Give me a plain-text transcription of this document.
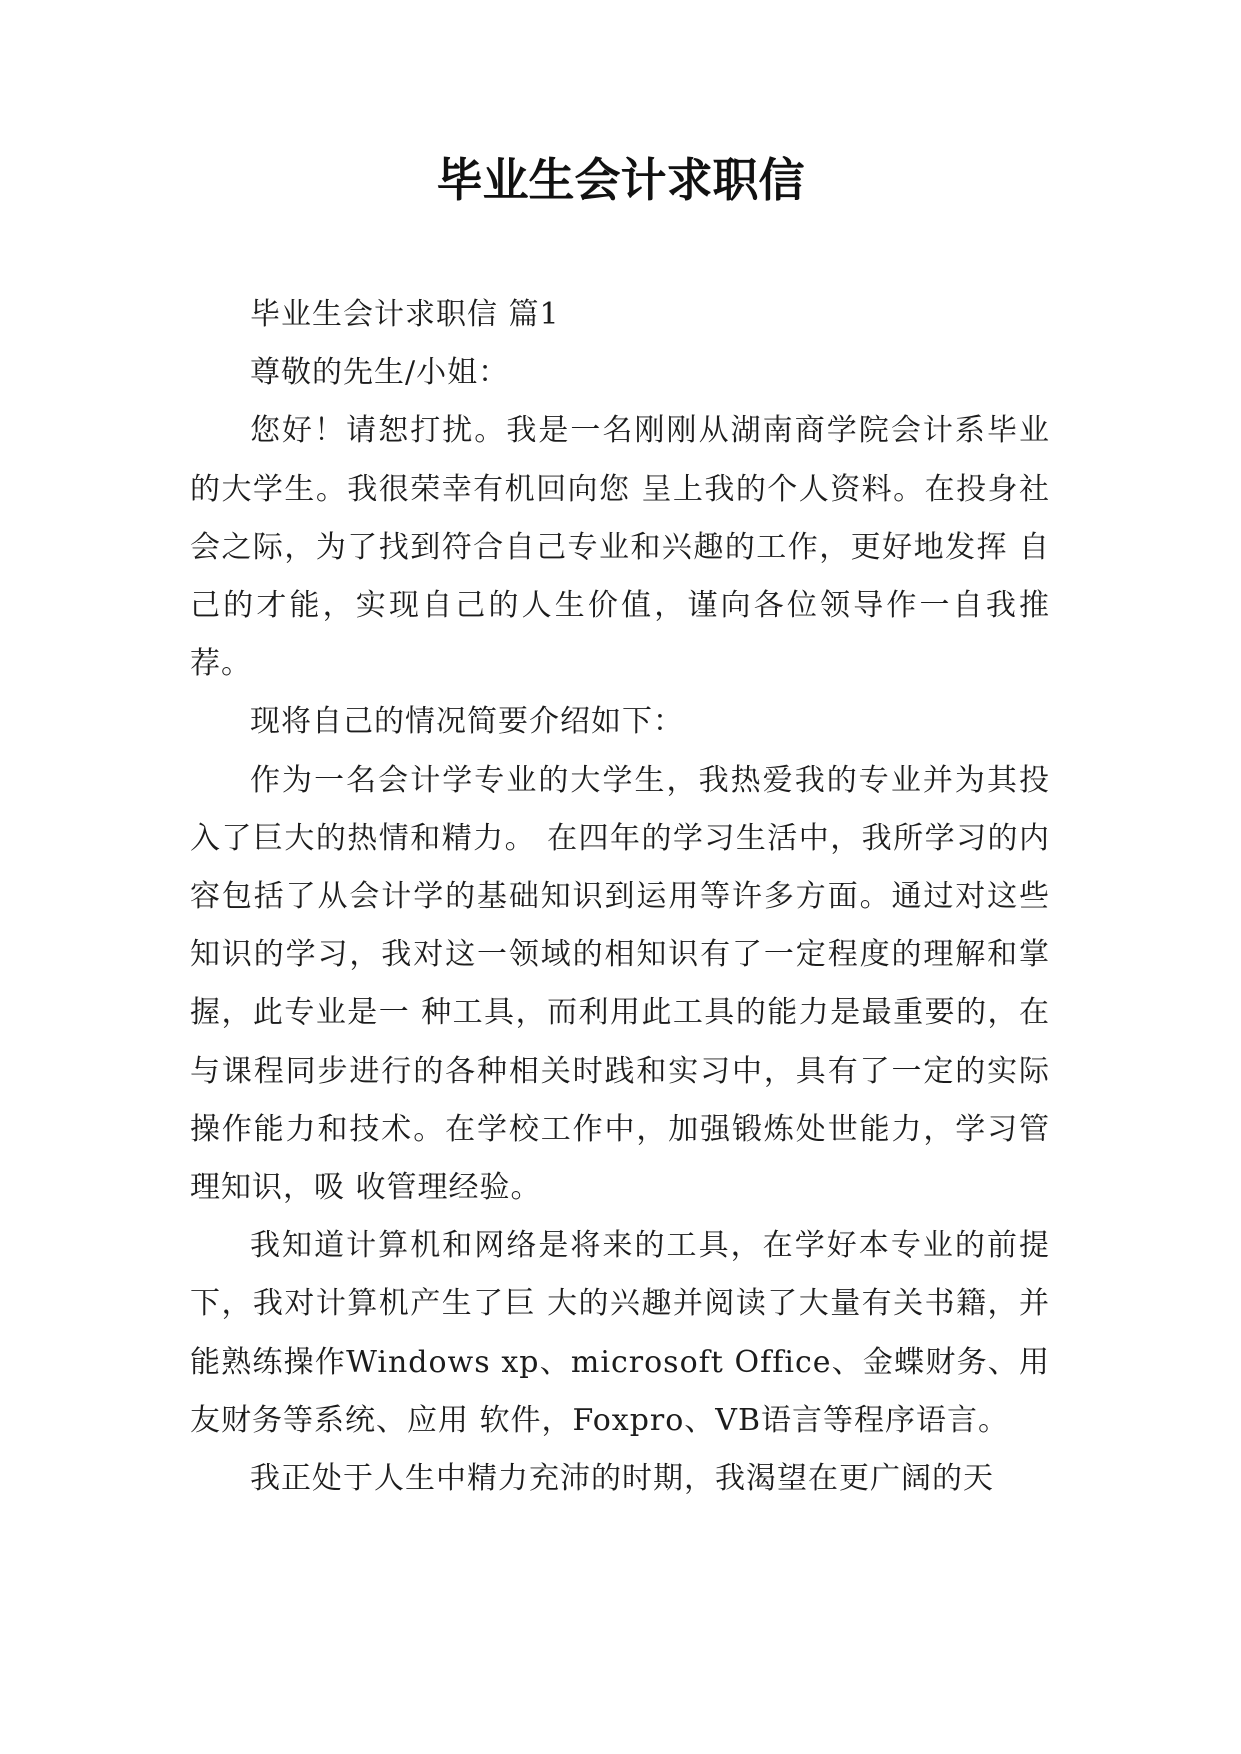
毕业生会计求职信

毕业生会计求职信 篇1

尊敬的先生/小姐：

您好！请恕打扰。我是一名刚刚从湖南商学院会计系毕业的大学生。我很荣幸有机回向您 呈上我的个人资料。在投身社会之际，为了找到符合自己专业和兴趣的工作，更好地发挥 自己的才能，实现自己的人生价值，谨向各位领导作一自我推荐。

现将自己的情况简要介绍如下：

作为一名会计学专业的大学生，我热爱我的专业并为其投入了巨大的热情和精力。 在四年的学习生活中，我所学习的内容包括了从会计学的基础知识到运用等许多方面。通过对这些知识的学习，我对这一领域的相知识有了一定程度的理解和掌握，此专业是一 种工具，而利用此工具的能力是最重要的，在与课程同步进行的各种相关时践和实习中，具有了一定的实际操作能力和技术。在学校工作中，加强锻炼处世能力，学习管理知识，吸 收管理经验。

我知道计算机和网络是将来的工具，在学好本专业的前提下，我对计算机产生了巨 大的兴趣并阅读了大量有关书籍，并能熟练操作Windows xp、microsoft Office、金蝶财务、用友财务等系统、应用 软件，Foxpro、VB语言等程序语言。

我正处于人生中精力充沛的时期，我渴望在更广阔的天
